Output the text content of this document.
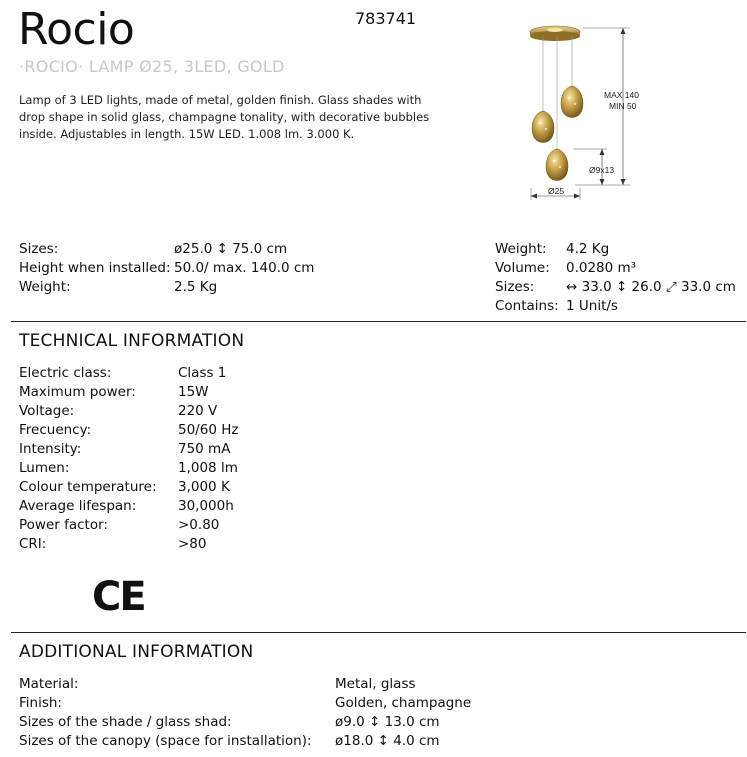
Rocio	783741
·ROCIO· LAMP Ø25, 3LED, GOLD
Lamp of 3 LED lights, made of metal, golden finish. Glass shades with drop shape in solid glass, champagne tonality, with decorative bubbles inside. Adjustables in length. 15W LED. 1.008 lm. 3.000 K.
MAX 140
MIN 50
Ø9x13
Ø25
Sizes:	ø25.0 ↕ 75.0 cm
Height when installed:	50.0/ max. 140.0 cm
Weight:	2.5 Kg
Weight:	4.2 Kg
Volume:	0.0280 m³
Sizes:	↔ 33.0 ↕ 26.0 ⤢ 33.0 cm
Contains:	1 Unit/s
TECHNICAL INFORMATION
Electric class:	Class 1
Maximum power:	15W
Voltage:	220 V
Frecuency:	50/60 Hz
Intensity:	750 mA
Lumen:	1,008 lm
Colour temperature:	3,000 K
Average lifespan:	30,000h
Power factor:	>0.80
CRI:	>80
CE
ADDITIONAL INFORMATION
Material:	Metal, glass
Finish:	Golden, champagne
Sizes of the shade / glass shad:	ø9.0 ↕ 13.0 cm
Sizes of the canopy (space for installation):	ø18.0 ↕ 4.0 cm
